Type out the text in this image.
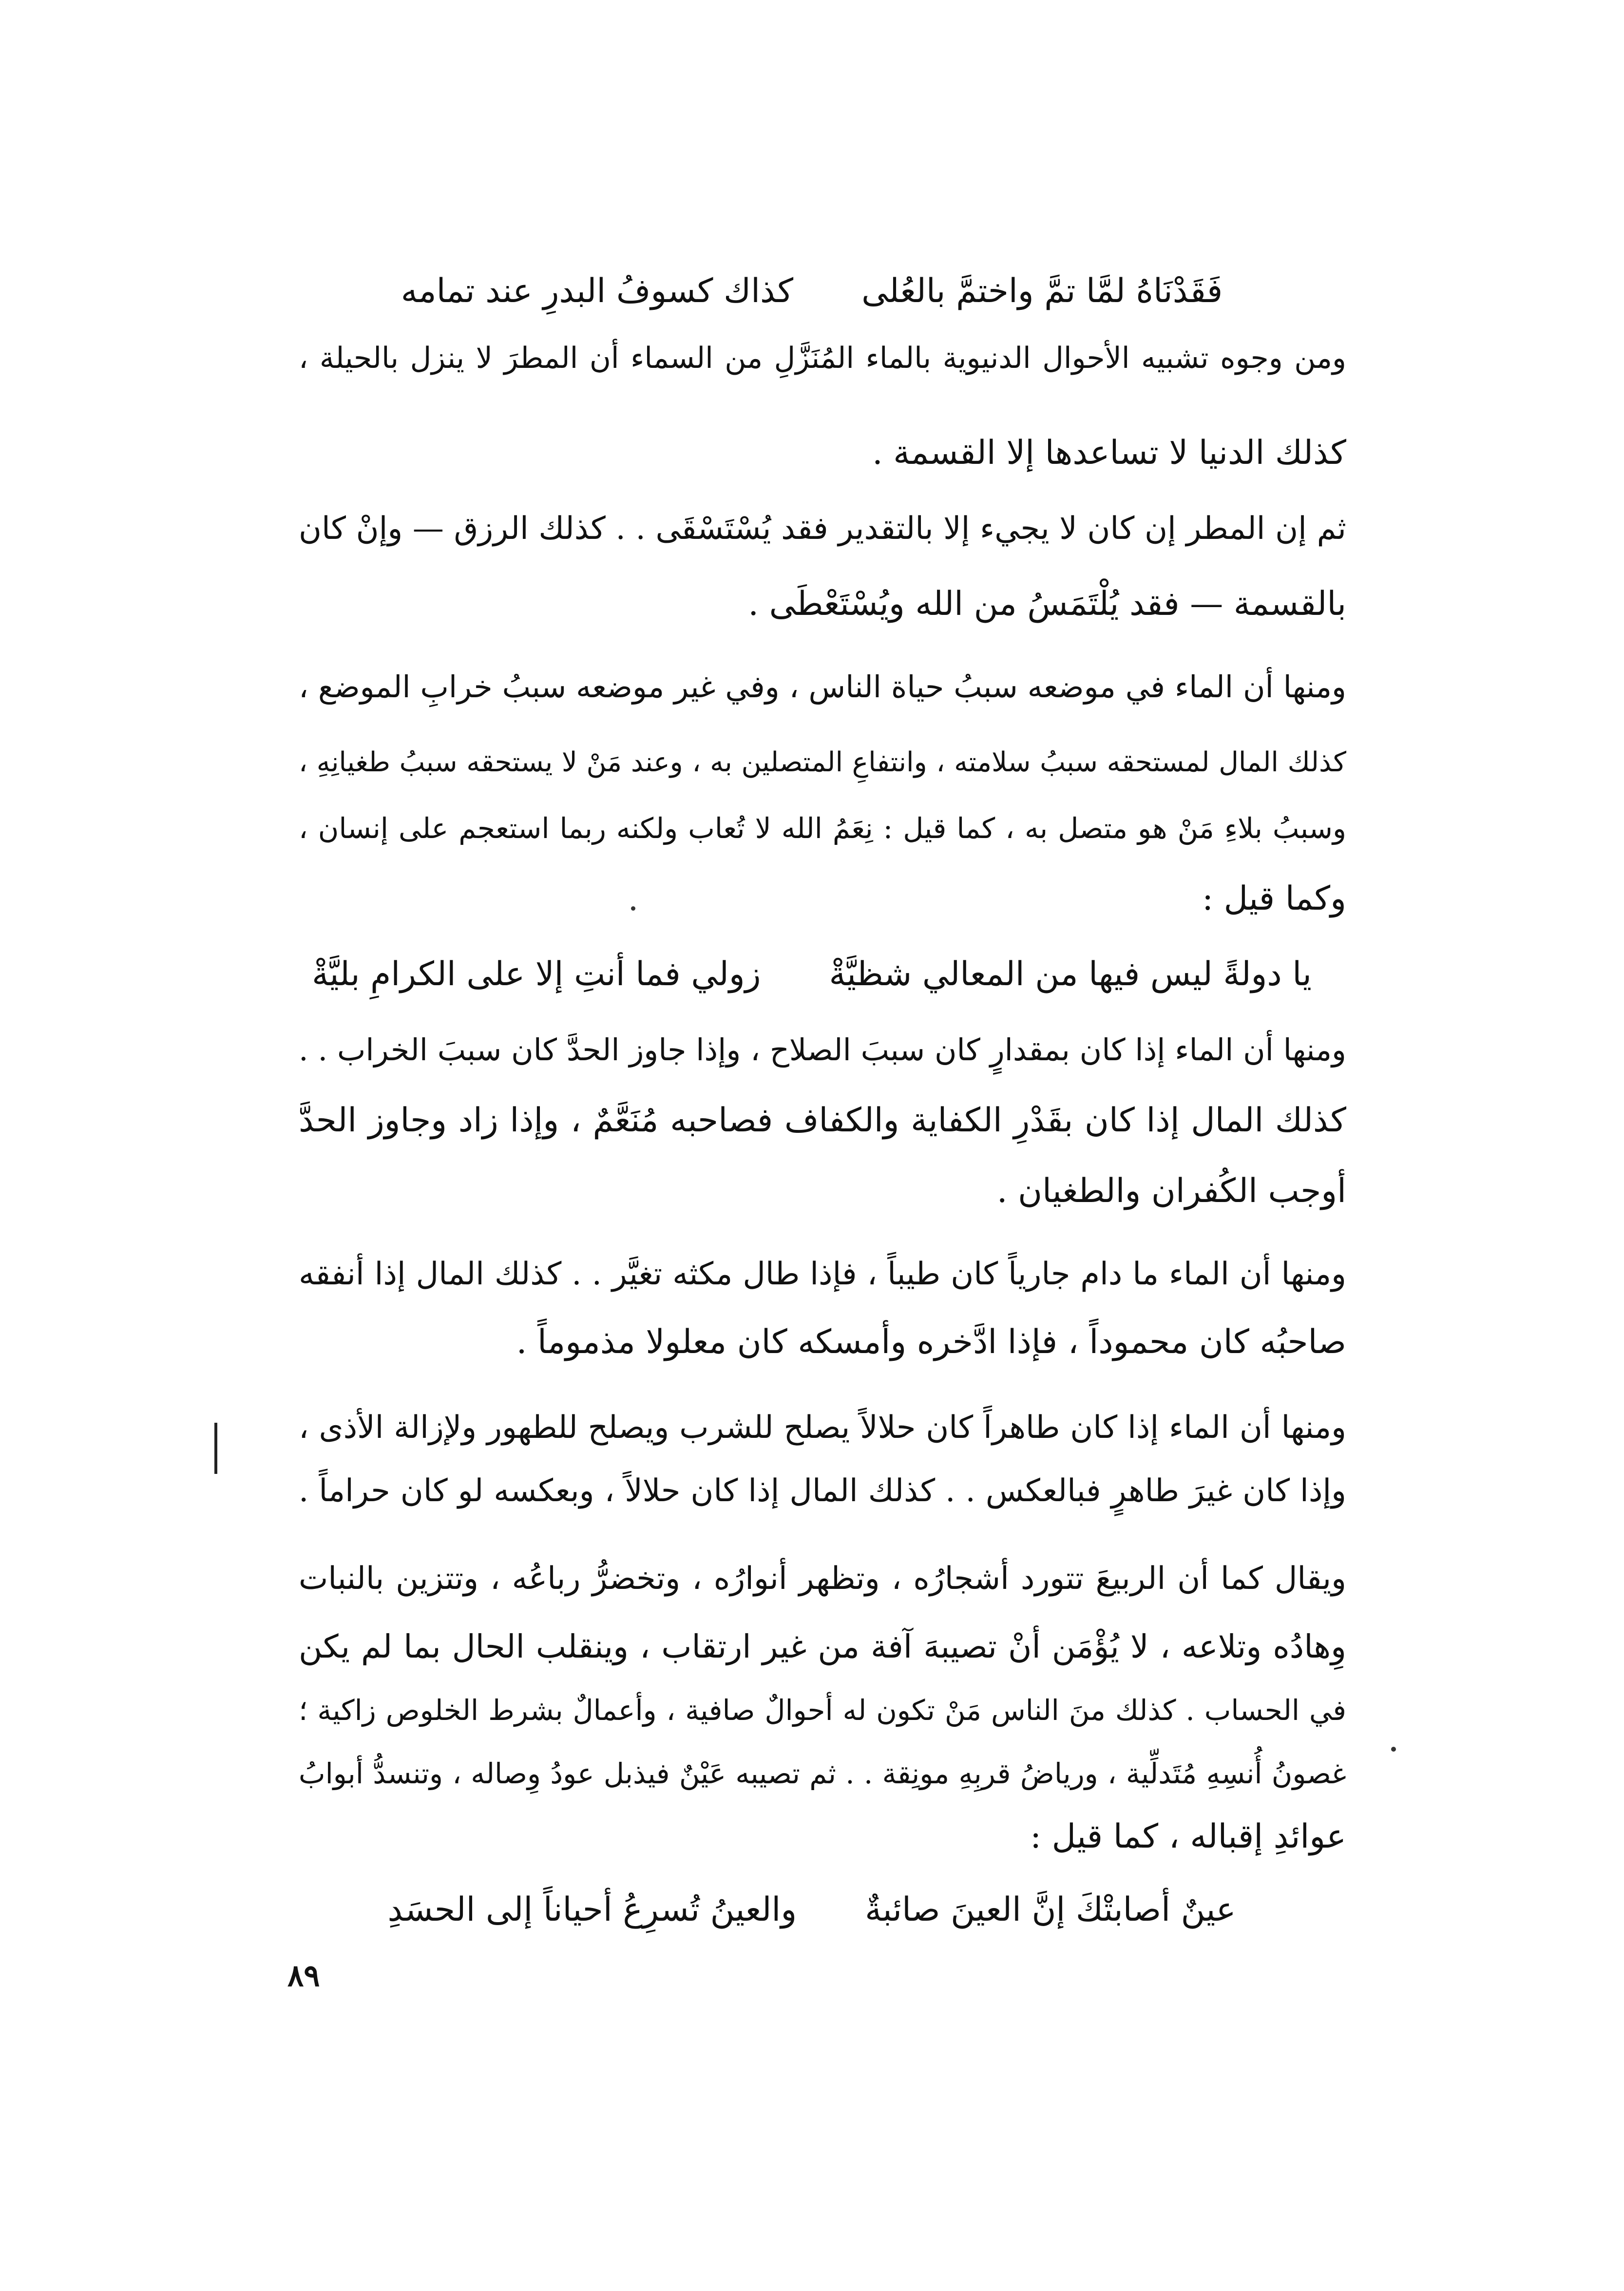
فَقَدْنَاهُ لمَّا تمَّ واختمَّ بالعُلى
كذاك كسوفُ البدرِ عند تمامه
ومن وجوه تشبيه الأحوال الدنيوية بالماء المُنَزَّلِ من السماء أن المطرَ لا ينزل بالحيلة ،
كذلك الدنيا لا تساعدها إلا القسمة .
ثم إن المطر إن كان لا يجيء إلا بالتقدير فقد يُسْتَسْقَى . . كذلك الرزق — وإنْ كان
بالقسمة — فقد يُلْتَمَسُ من الله ويُسْتَعْطَى .
ومنها أن الماء في موضعه سببُ حياة الناس ، وفي غير موضعه سببُ خرابِ الموضع ،
كذلك المال لمستحقه سببُ سلامته ، وانتفاعِ المتصلين به ، وعند مَنْ لا يستحقه سببُ طغيانِهِ ،
وسببُ بلاءِ مَنْ هو متصل به ، كما قيل : نِعَمُ الله لا تُعاب ولكنه ربما استعجم على إنسان ،
وكما قيل :
يا دولةً ليس فيها من المعالي شظيَّةْ
زولي فما أنتِ إلا على الكرامِ بليَّةْ
ومنها أن الماء إذا كان بمقدارٍ كان سببَ الصلاح ، وإذا جاوز الحدَّ كان سببَ الخراب . .
كذلك المال إذا كان بقَدْرِ الكفاية والكفاف فصاحبه مُنَعَّمٌ ، وإذا زاد وجاوز الحدَّ
أوجب الكُفران والطغيان .
ومنها أن الماء ما دام جارياً كان طيباً ، فإذا طال مكثه تغيَّر . . كذلك المال إذا أنفقه
صاحبُه كان محموداً ، فإذا ادَّخره وأمسكه كان معلولا مذموماً .
ومنها أن الماء إذا كان طاهراً كان حلالاً يصلح للشرب ويصلح للطهور ولإزالة الأذى ،
وإذا كان غيرَ طاهرٍ فبالعكس . . كذلك المال إذا كان حلالاً ، وبعكسه لو كان حراماً .
ويقال كما أن الربيعَ تتورد أشجارُه ، وتظهر أنوارُه ، وتخضرُّ رباعُه ، وتتزين بالنبات
وِهادُه وتلاعه ، لا يُؤْمَن أنْ تصيبهَ آفة من غير ارتقاب ، وينقلب الحال بما لم يكن
في الحساب . كذلك منَ الناس مَنْ تكون له أحوالٌ صافية ، وأعمالٌ بشرط الخلوص زاكية ؛
غصونُ أُنسِهِ مُتَدلِّية ، ورياضُ قربِهِ مونِقة . . ثم تصيبه عَيْنٌ فيذبل عودُ وِصاله ، وتنسدُّ أبوابُ
عوائدِ إقباله ، كما قيل :
عينٌ أصابتْكَ إنَّ العينَ صائبةٌ
والعينُ تُسرِعُ أحياناً إلى الحسَدِ
٨٩
